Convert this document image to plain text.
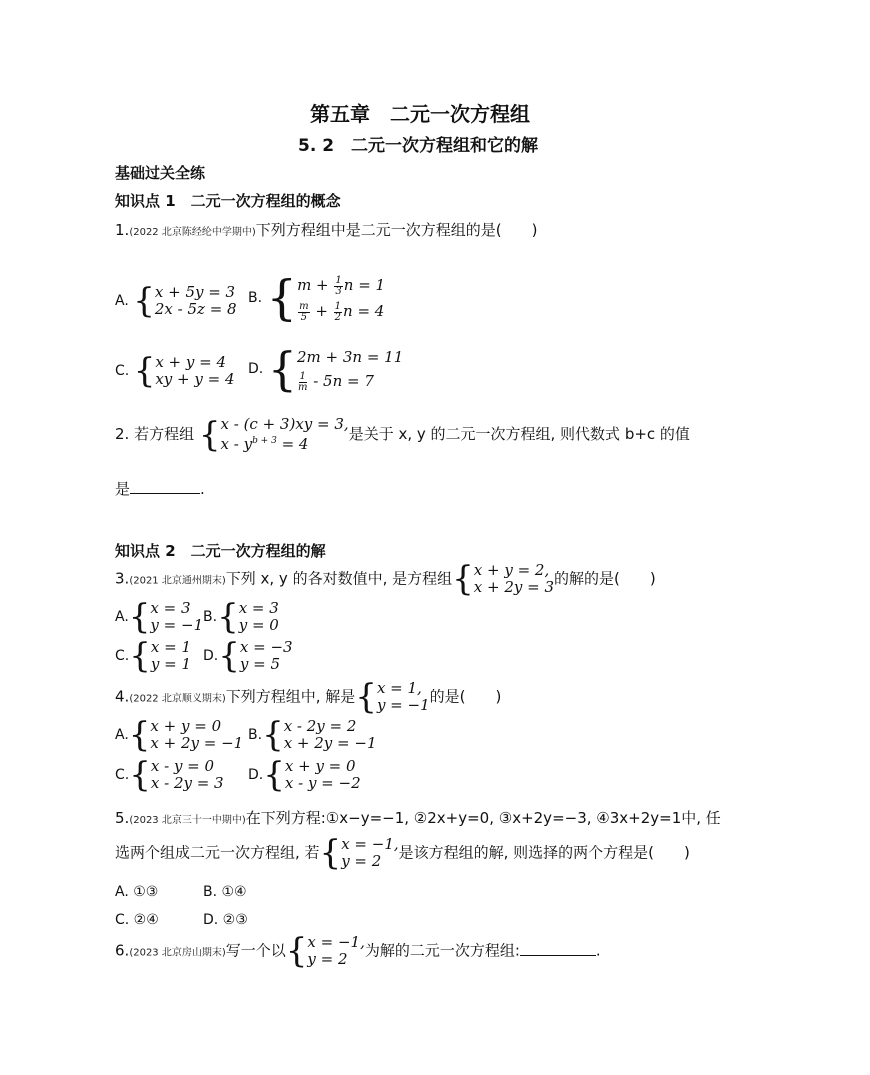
第五章　二元一次方程组
5. 2　二元一次方程组和它的解
基础过关全练
知识点 1　二元一次方程组的概念
1.(2022 北京陈经纶中学期中)下列方程组中是二元一次方程组的是( )
A. { x + 5y = 3
2x - 5z = 8
B. { $m + \frac{1}{3}$ n = 1
$\frac{m}{5} + \frac{1}{2}$ n = 4
C. { x + y = 4
xy + y = 4
D. { 2m + 3n = 11
$\frac{1}{m} - 5n = 7$
2. 若方程组 { x - (c + 3)xy = 3,
$x - y^{b + 3} = 4$
是关于 x, y 的二元一次方程组, 则代数式 b+c 的值
是	.
知识点 2　二元一次方程组的解
3.(2021 北京通州期末)下列 x, y 的各对数值中, 是方程组 { x + y = 2,
x + 2y = 3 的解的是( )
A. { x = 3
y = −1 B. { x = 3
y = 0
C. { x = 1
y = 1 D. { x = −3
y = 5
4.(2022 北京顺义期末)下列方程组中, 解是 { x = 1,
y = −1 的是( )
A. { x + y = 0
x + 2y = −1 B. { x - 2y = 2
x + 2y = −1
C. { x - y = 0
x - 2y = 3 D. { x + y = 0
x - y = −2
5.(2023 北京三十一中期中)在下列方程:①x−y=−1, ②2x+y=0, ③x+2y=−3, ④3x+2y=1中, 任
选两个组成二元一次方程组, 若 { x = −1,
y = 2	是该方程组的解, 则选择的两个方程是( )
A. ①③	B. ①④
C. ②④	D. ②③
6.(2023 北京房山期末)写一个以 { x = −1,
y = 2	为解的二元一次方程组:	.
